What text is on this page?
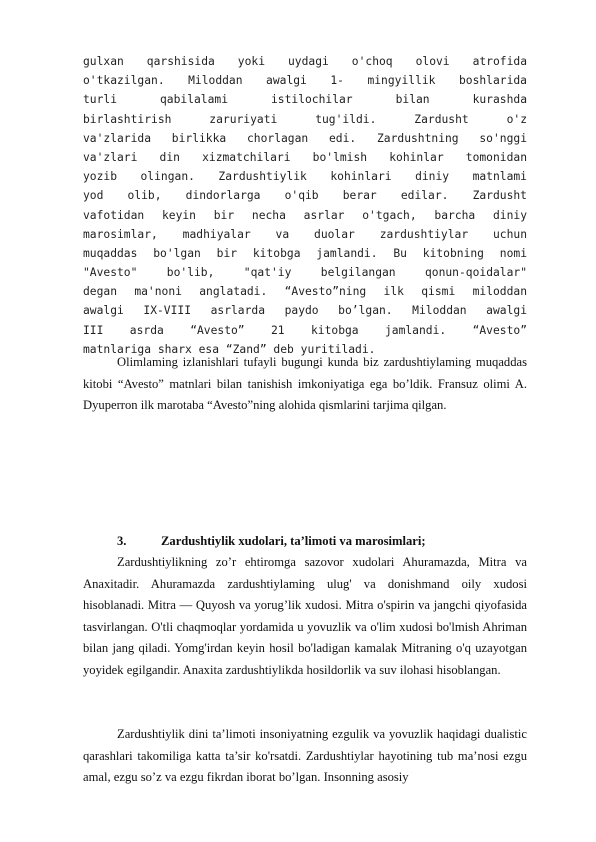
gulxan qarshisida yoki uydagi o'choq olovi atrofida
o'tkazilgan. Miloddan awalgi 1- mingyillik boshlarida
turli qabilalami istilochilar bilan kurashda
birlashtirish zaruriyati tug'ildi. Zardusht o'z
va'zlarida birlikka chorlagan edi. Zardushtning so'nggi
va'zlari din xizmatchilari bo'lmish kohinlar tomonidan
yozib olingan. Zardushtiylik kohinlari diniy matnlami
yod olib, dindorlarga o'qib berar edilar. Zardusht
vafotidan keyin bir necha asrlar o'tgach, barcha diniy
marosimlar, madhiyalar va duolar zardushtiylar uchun
muqaddas bo'lgan bir kitobga jamlandi. Bu kitobning nomi
"Avesto" bo'lib, "qat'iy belgilangan qonun-qoidalar"
degan ma'noni anglatadi. “Avesto”ning ilk qismi miloddan
awalgi IX-VIII asrlarda paydo bo’lgan. Miloddan awalgi
III asrda “Avesto” 21 kitobga jamlandi. “Avesto”
matnlariga sharx esa “Zand” deb yuritiladi.

Olimlaming izlanishlari tufayli bugungi kunda biz zardushtiylaming muqaddas kitobi “Avesto” matnlari bilan tanishish imkoniyatiga ega bo’ldik. Fransuz olimi A. Dyuperron ilk marotaba “Avesto”ning alohida qismlarini tarjima qilgan.

3.	Zardushtiylik xudolari, ta’limoti va marosimlari;

Zardushtiylikning zo’r ehtiromga sazovor xudolari Ahuramazda, Mitra va Anaxitadir. Ahuramazda zardushtiylaming ulug' va donishmand oily xudosi hisoblanadi. Mitra — Quyosh va yorug’lik xudosi. Mitra o'spirin va jangchi qiyofasida tasvirlangan. O'tli chaqmoqlar yordamida u yovuzlik va o'lim xudosi bo'lmish Ahriman bilan jang qiladi. Yomg'irdan keyin hosil bo'ladigan kamalak Mitraning o'q uzayotgan yoyidek egilgandir. Anaxita zardushtiylikda hosildorlik va suv ilohasi hisoblangan.

Zardushtiylik dini ta’limoti insoniyatning ezgulik va yovuzlik haqidagi dualistic qarashlari takomiliga katta ta’sir ko'rsatdi. Zardushtiylar hayotining tub ma’nosi ezgu amal, ezgu so’z va ezgu fikrdan iborat bo’lgan. Insonning asosiy
